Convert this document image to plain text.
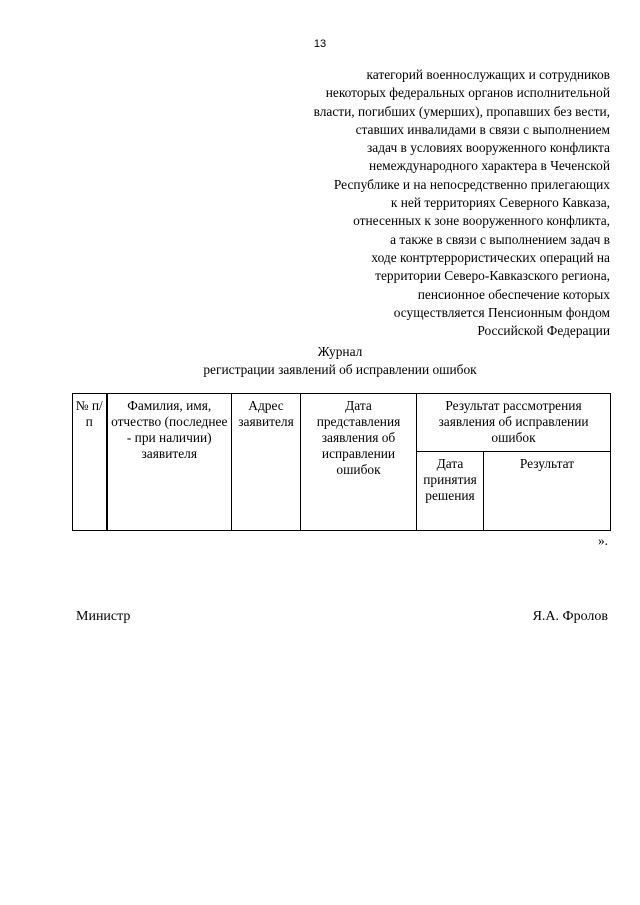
13
категорий военнослужащих и сотрудников
некоторых федеральных органов исполнительной
власти, погибших (умерших), пропавших без вести,
ставших инвалидами в связи с выполнением
задач в условиях вооруженного конфликта
немеждународного характера в Чеченской
Республике и на непосредственно прилегающих
к ней территориях Северного Кавказа,
отнесенных к зоне вооруженного конфликта,
а также в связи с выполнением задач в
ходе контртеррористических операций на
территории Северо-Кавказского региона,
пенсионное обеспечение которых
осуществляется Пенсионным фондом
Российской Федерации
Журнал
регистрации заявлений об исправлении ошибок
№ п/п	Фамилия, имя, отчество (последнее - при наличии) заявителя	Адрес заявителя	Дата представления заявления об исправлении ошибок	Результат рассмотрения заявления об исправлении ошибок	
				Дата принятия решения	Результат
».
Министр	Я.А. Фролов
